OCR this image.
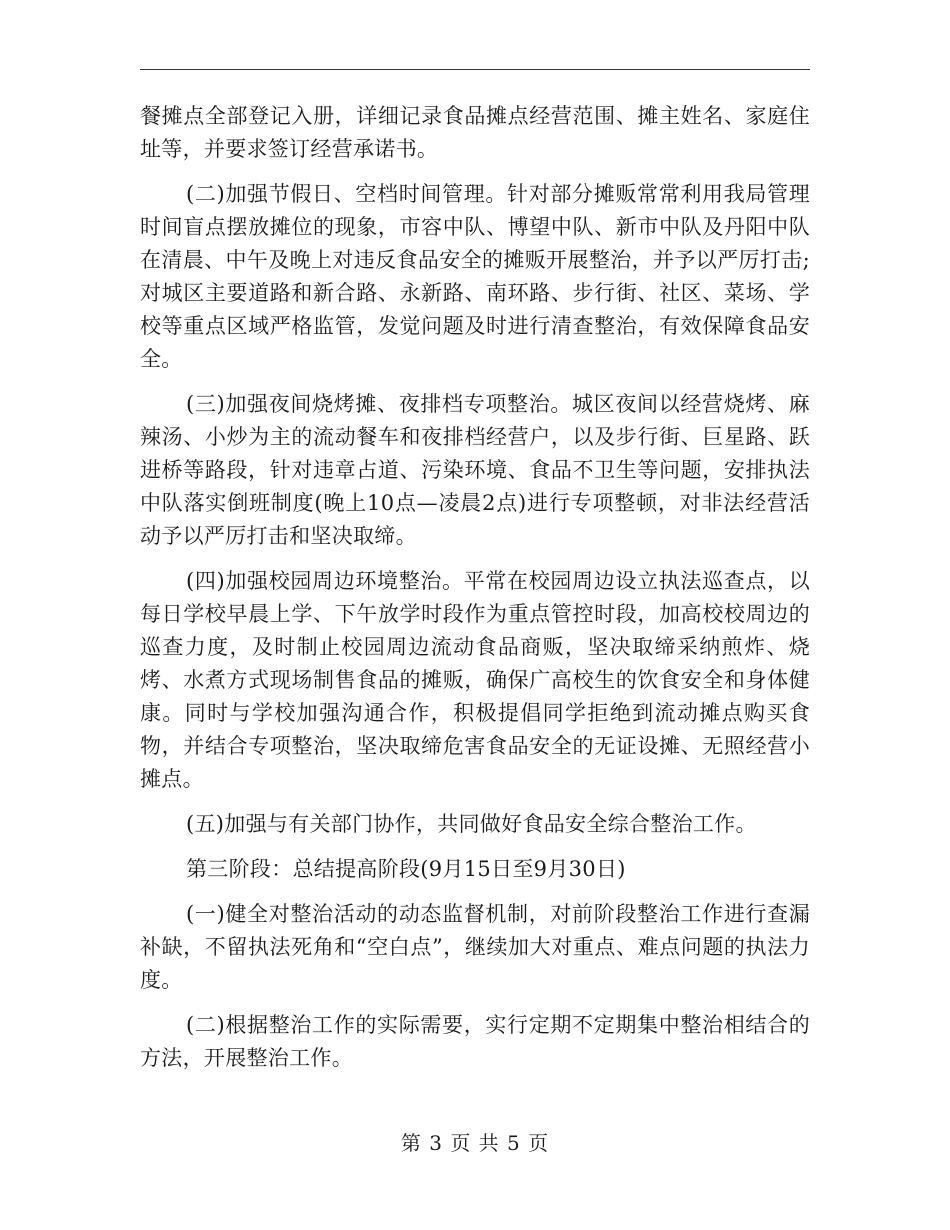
餐摊点全部登记入册，详细记录食品摊点经营范围、摊主姓名、家庭住址等，并要求签订经营承诺书。

(二)加强节假日、空档时间管理。针对部分摊贩常常利用我局管理时间盲点摆放摊位的现象，市容中队、博望中队、新市中队及丹阳中队在清晨、中午及晚上对违反食品安全的摊贩开展整治，并予以严厉打击;对城区主要道路和新合路、永新路、南环路、步行街、社区、菜场、学校等重点区域严格监管，发觉问题及时进行清查整治，有效保障食品安全。

(三)加强夜间烧烤摊、夜排档专项整治。城区夜间以经营烧烤、麻辣汤、小炒为主的流动餐车和夜排档经营户，以及步行街、巨星路、跃进桥等路段，针对违章占道、污染环境、食品不卫生等问题，安排执法中队落实倒班制度(晚上10点—凌晨2点)进行专项整顿，对非法经营活动予以严厉打击和坚决取缔。

(四)加强校园周边环境整治。平常在校园周边设立执法巡查点，以每日学校早晨上学、下午放学时段作为重点管控时段，加高校校周边的巡查力度，及时制止校园周边流动食品商贩，坚决取缔采纳煎炸、烧烤、水煮方式现场制售食品的摊贩，确保广高校生的饮食安全和身体健康。同时与学校加强沟通合作，积极提倡同学拒绝到流动摊点购买食物，并结合专项整治，坚决取缔危害食品安全的无证设摊、无照经营小摊点。

(五)加强与有关部门协作，共同做好食品安全综合整治工作。

第三阶段：总结提高阶段(9月15日至9月30日)

(一)健全对整治活动的动态监督机制，对前阶段整治工作进行查漏补缺，不留执法死角和“空白点”，继续加大对重点、难点问题的执法力度。

(二)根据整治工作的实际需要，实行定期不定期集中整治相结合的方法，开展整治工作。

第 3 页 共 5 页
